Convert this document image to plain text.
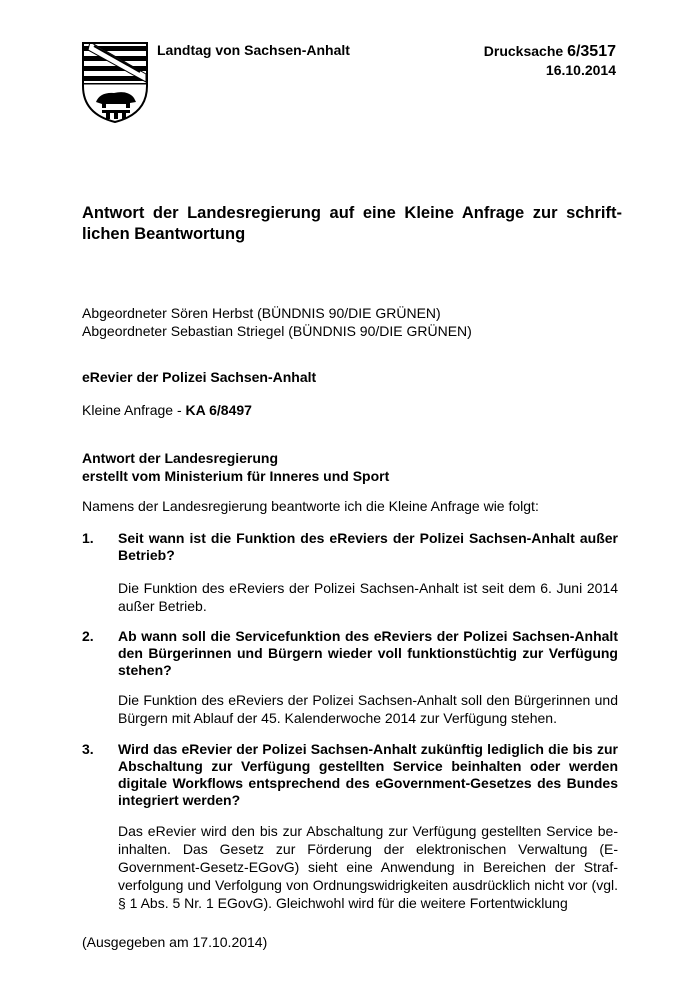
Landtag von Sachsen-Anhalt	Drucksache 6/3517
16.10.2014
Antwort der Landesregierung auf eine Kleine Anfrage zur schriftlichen Beantwortung
Abgeordneter Sören Herbst (BÜNDNIS 90/DIE GRÜNEN)
Abgeordneter Sebastian Striegel (BÜNDNIS 90/DIE GRÜNEN)
eRevier der Polizei Sachsen-Anhalt
Kleine Anfrage - KA 6/8497
Antwort der Landesregierung
erstellt vom Ministerium für Inneres und Sport
Namens der Landesregierung beantworte ich die Kleine Anfrage wie folgt:
1. Seit wann ist die Funktion des eReviers der Polizei Sachsen-Anhalt außer Betrieb?
Die Funktion des eReviers der Polizei Sachsen-Anhalt ist seit dem 6. Juni 2014 außer Betrieb.
2. Ab wann soll die Servicefunktion des eReviers der Polizei Sachsen-Anhalt den Bürgerinnen und Bürgern wieder voll funktionstüchtig zur Verfügung stehen?
Die Funktion des eReviers der Polizei Sachsen-Anhalt soll den Bürgerinnen und Bürgern mit Ablauf der 45. Kalenderwoche 2014 zur Verfügung stehen.
3. Wird das eRevier der Polizei Sachsen-Anhalt zukünftig lediglich die bis zur Abschaltung zur Verfügung gestellten Service beinhalten oder werden digitale Workflows entsprechend des eGovernment-Gesetzes des Bundes integriert werden?
Das eRevier wird den bis zur Abschaltung zur Verfügung gestellten Service beinhalten. Das Gesetz zur Förderung der elektronischen Verwaltung (E-Government-Gesetz-EGovG) sieht eine Anwendung in Bereichen der Strafverfolgung und Verfolgung von Ordnungswidrigkeiten ausdrücklich nicht vor (vgl. § 1 Abs. 5 Nr. 1 EGovG). Gleichwohl wird für die weitere Fortentwicklung
(Ausgegeben am 17.10.2014)
